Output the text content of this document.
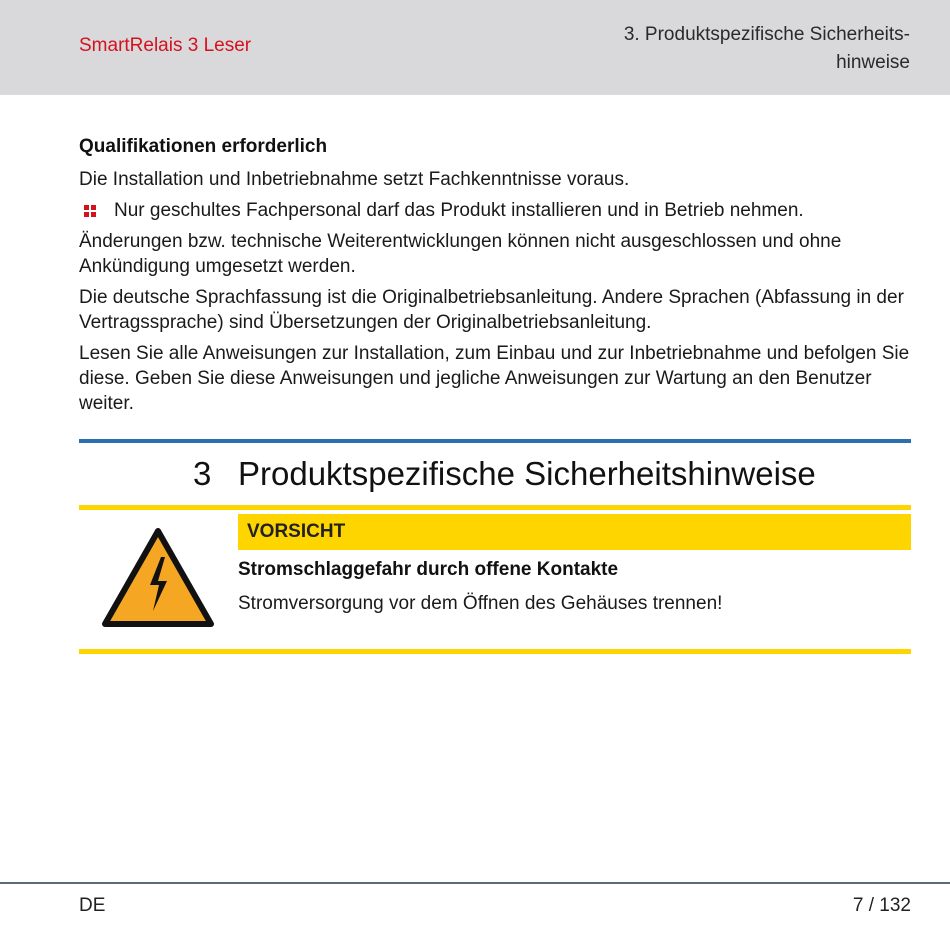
SmartRelais 3 Leser
3. Produktspezifische Sicherheits-
hinweise
Qualifikationen erforderlich

Die Installation und Inbetriebnahme setzt Fachkenntnisse voraus.

Nur geschultes Fachpersonal darf das Produkt installieren und in Betrieb nehmen.

Änderungen bzw. technische Weiterentwicklungen können nicht ausgeschlossen und ohne Ankündigung umgesetzt werden.

Die deutsche Sprachfassung ist die Originalbetriebsanleitung. Andere Sprachen (Abfassung in der Vertragssprache) sind Übersetzungen der Originalbetriebsanleitung.

Lesen Sie alle Anweisungen zur Installation, zum Einbau und zur Inbetriebnahme und befolgen Sie diese. Geben Sie diese Anweisungen und jegliche Anweisungen zur Wartung an den Benutzer weiter.

3 Produktspezifische Sicherheitshinweise
VORSICHT
Stromschlaggefahr durch offene Kontakte
Stromversorgung vor dem Öffnen des Gehäuses trennen!
DE	7 / 132
